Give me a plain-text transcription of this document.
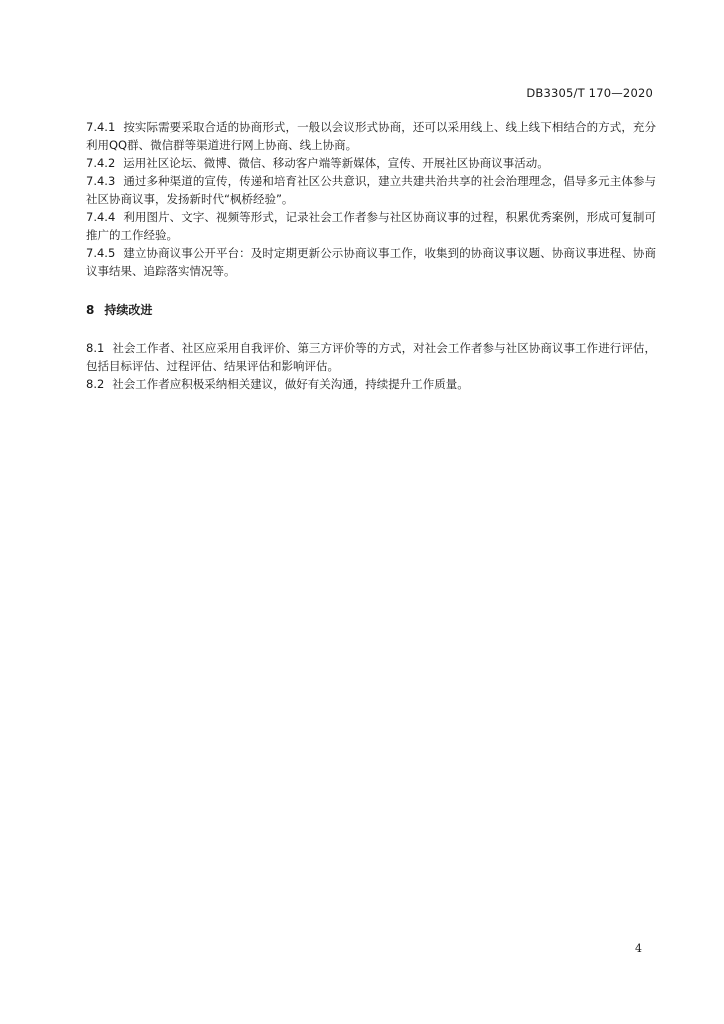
DB3305/T 170—2020

7.4.1 按实际需要采取合适的协商形式，一般以会议形式协商，还可以采用线上、线上线下相结合的方式，充分利用QQ群、微信群等渠道进行网上协商、线上协商。

7.4.2 运用社区论坛、微博、微信、移动客户端等新媒体，宣传、开展社区协商议事活动。

7.4.3 通过多种渠道的宣传，传递和培育社区公共意识，建立共建共治共享的社会治理理念，倡导多元主体参与社区协商议事，发扬新时代“枫桥经验”。

7.4.4 利用图片、文字、视频等形式，记录社会工作者参与社区协商议事的过程，积累优秀案例，形成可复制可推广的工作经验。

7.4.5 建立协商议事公开平台：及时定期更新公示协商议事工作，收集到的协商议事议题、协商议事进程、协商议事结果、追踪落实情况等。

8 持续改进

8.1 社会工作者、社区应采用自我评价、第三方评价等的方式，对社会工作者参与社区协商议事工作进行评估，包括目标评估、过程评估、结果评估和影响评估。

8.2 社会工作者应积极采纳相关建议，做好有关沟通，持续提升工作质量。

4
